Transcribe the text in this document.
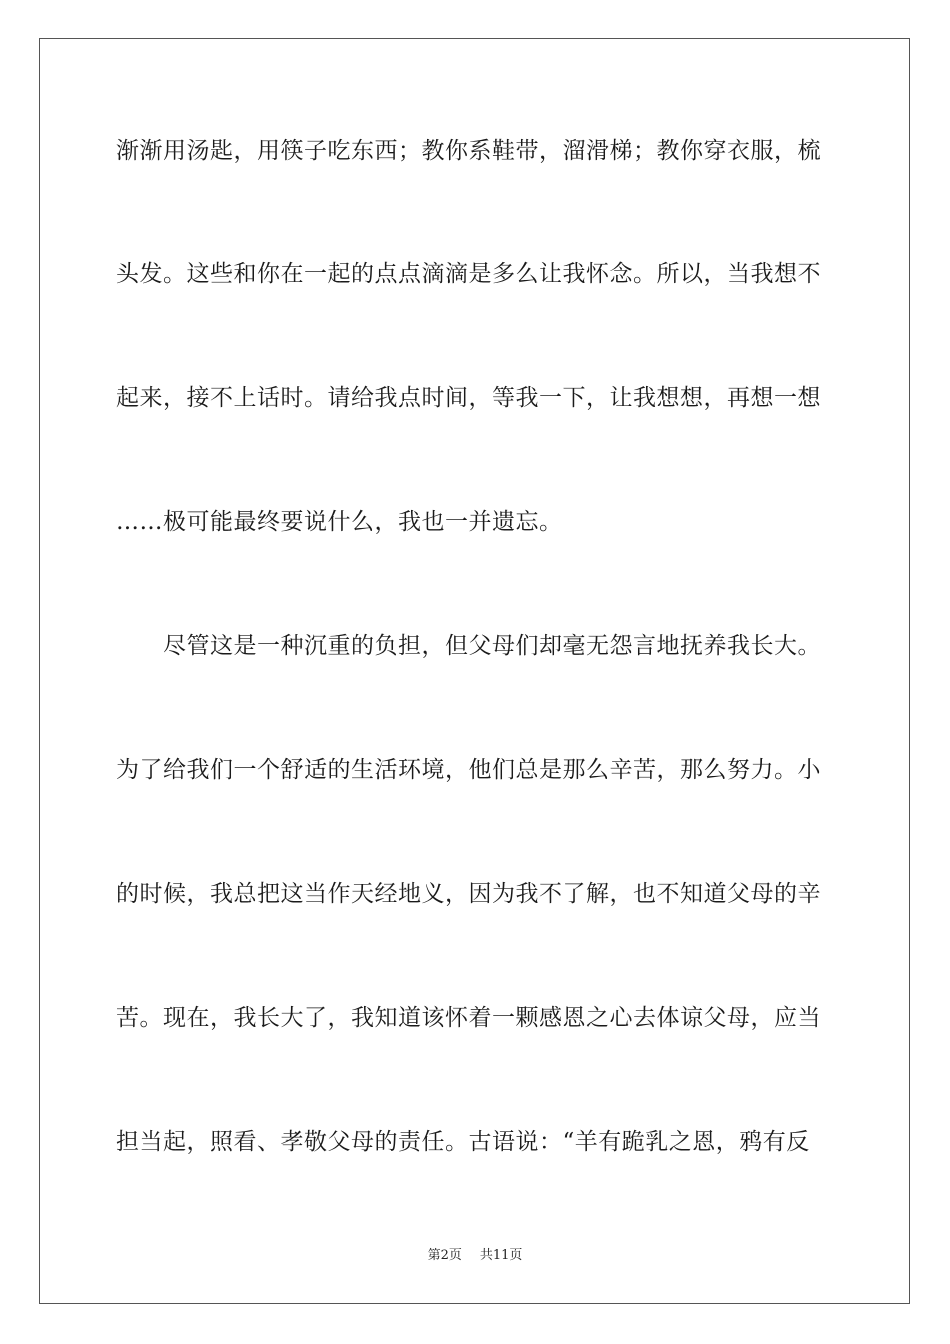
渐渐用汤匙，用筷子吃东西；教你系鞋带，溜滑梯；教你穿衣服，梳
头发。这些和你在一起的点点滴滴是多么让我怀念。所以，当我想不
起来，接不上话时。请给我点时间，等我一下，让我想想，再想一想
……极可能最终要说什么，我也一并遗忘。
尽管这是一种沉重的负担，但父母们却毫无怨言地抚养我长大。
为了给我们一个舒适的生活环境，他们总是那么辛苦，那么努力。小
的时候，我总把这当作天经地义，因为我不了解，也不知道父母的辛
苦。现在，我长大了，我知道该怀着一颗感恩之心去体谅父母，应当
担当起，照看、孝敬父母的责任。古语说：“羊有跪乳之恩，鸦有反
第2页 共11页
